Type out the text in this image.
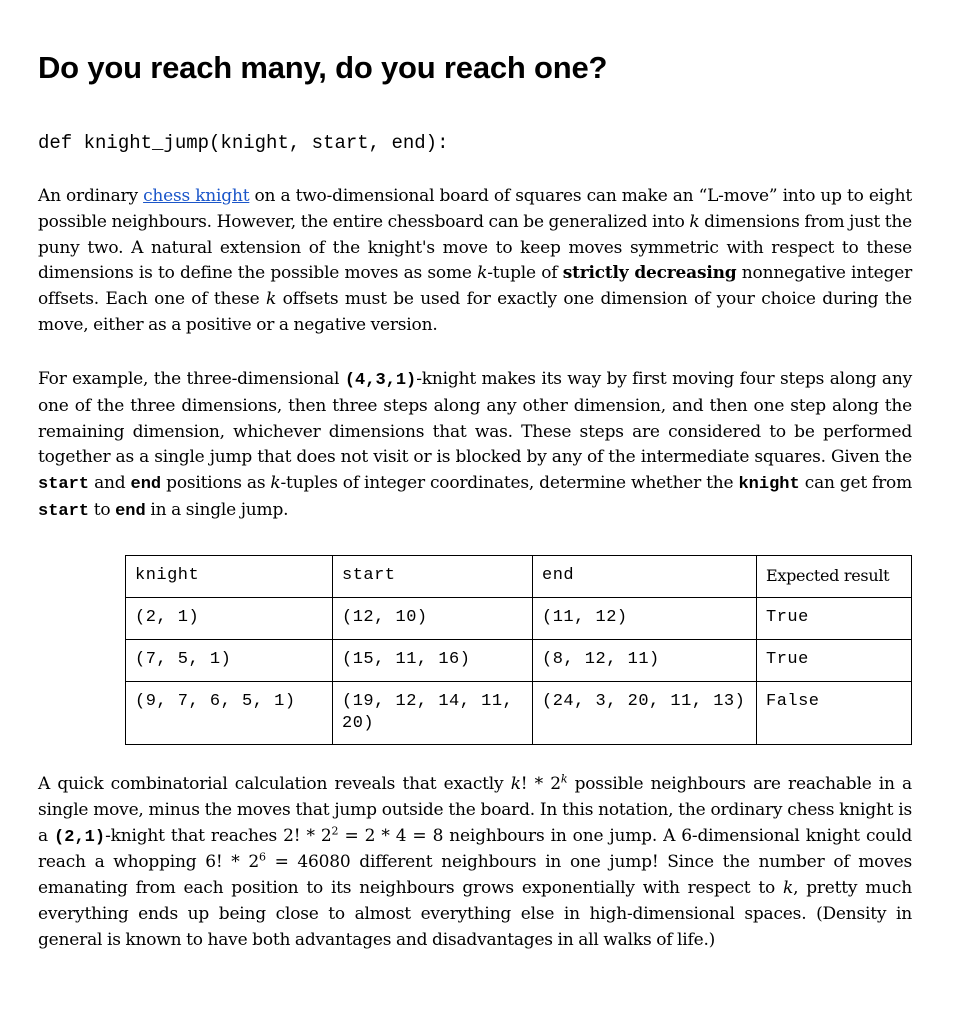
Do you reach many, do you reach one?
def knight_jump(knight, start, end):

An ordinary chess knight on a two-dimensional board of squares can make an “L-move” into up to eight possible neighbours. However, the entire chessboard can be generalized into k dimensions from just the puny two. A natural extension of the knight's move to keep moves symmetric with respect to these dimensions is to define the possible moves as some k-tuple of strictly decreasing nonnegative integer offsets. Each one of these k offsets must be used for exactly one dimension of your choice during the move, either as a positive or a negative version.

For example, the three-dimensional (4,3,1)-knight makes its way by first moving four steps along any one of the three dimensions, then three steps along any other dimension, and then one step along the remaining dimension, whichever dimensions that was. These steps are considered to be performed together as a single jump that does not visit or is blocked by any of the intermediate squares. Given the start and end positions as k-tuples of integer coordinates, determine whether the knight can get from start to end in a single jump.

knight	start	end	Expected result
(2, 1)	(12, 10)	(11, 12)	True
(7, 5, 1)	(15, 11, 16)	(8, 12, 11)	True
(9, 7, 6, 5, 1)	(19, 12, 14, 11, 20)	(24, 3, 20, 11, 13)	False

A quick combinatorial calculation reveals that exactly k! * 2$^k$ possible neighbours are reachable in a single move, minus the moves that jump outside the board. In this notation, the ordinary chess knight is a (2,1)-knight that reaches 2! * $2^2 = 2 * 4 = 8$ neighbours in one jump. A 6-dimensional knight could reach a whopping 6! * $2^6 = 46080$ different neighbours in one jump! Since the number of moves emanating from each position to its neighbours grows exponentially with respect to k, pretty much everything ends up being close to almost everything else in high-dimensional spaces. (Density in general is known to have both advantages and disadvantages in all walks of life.)
